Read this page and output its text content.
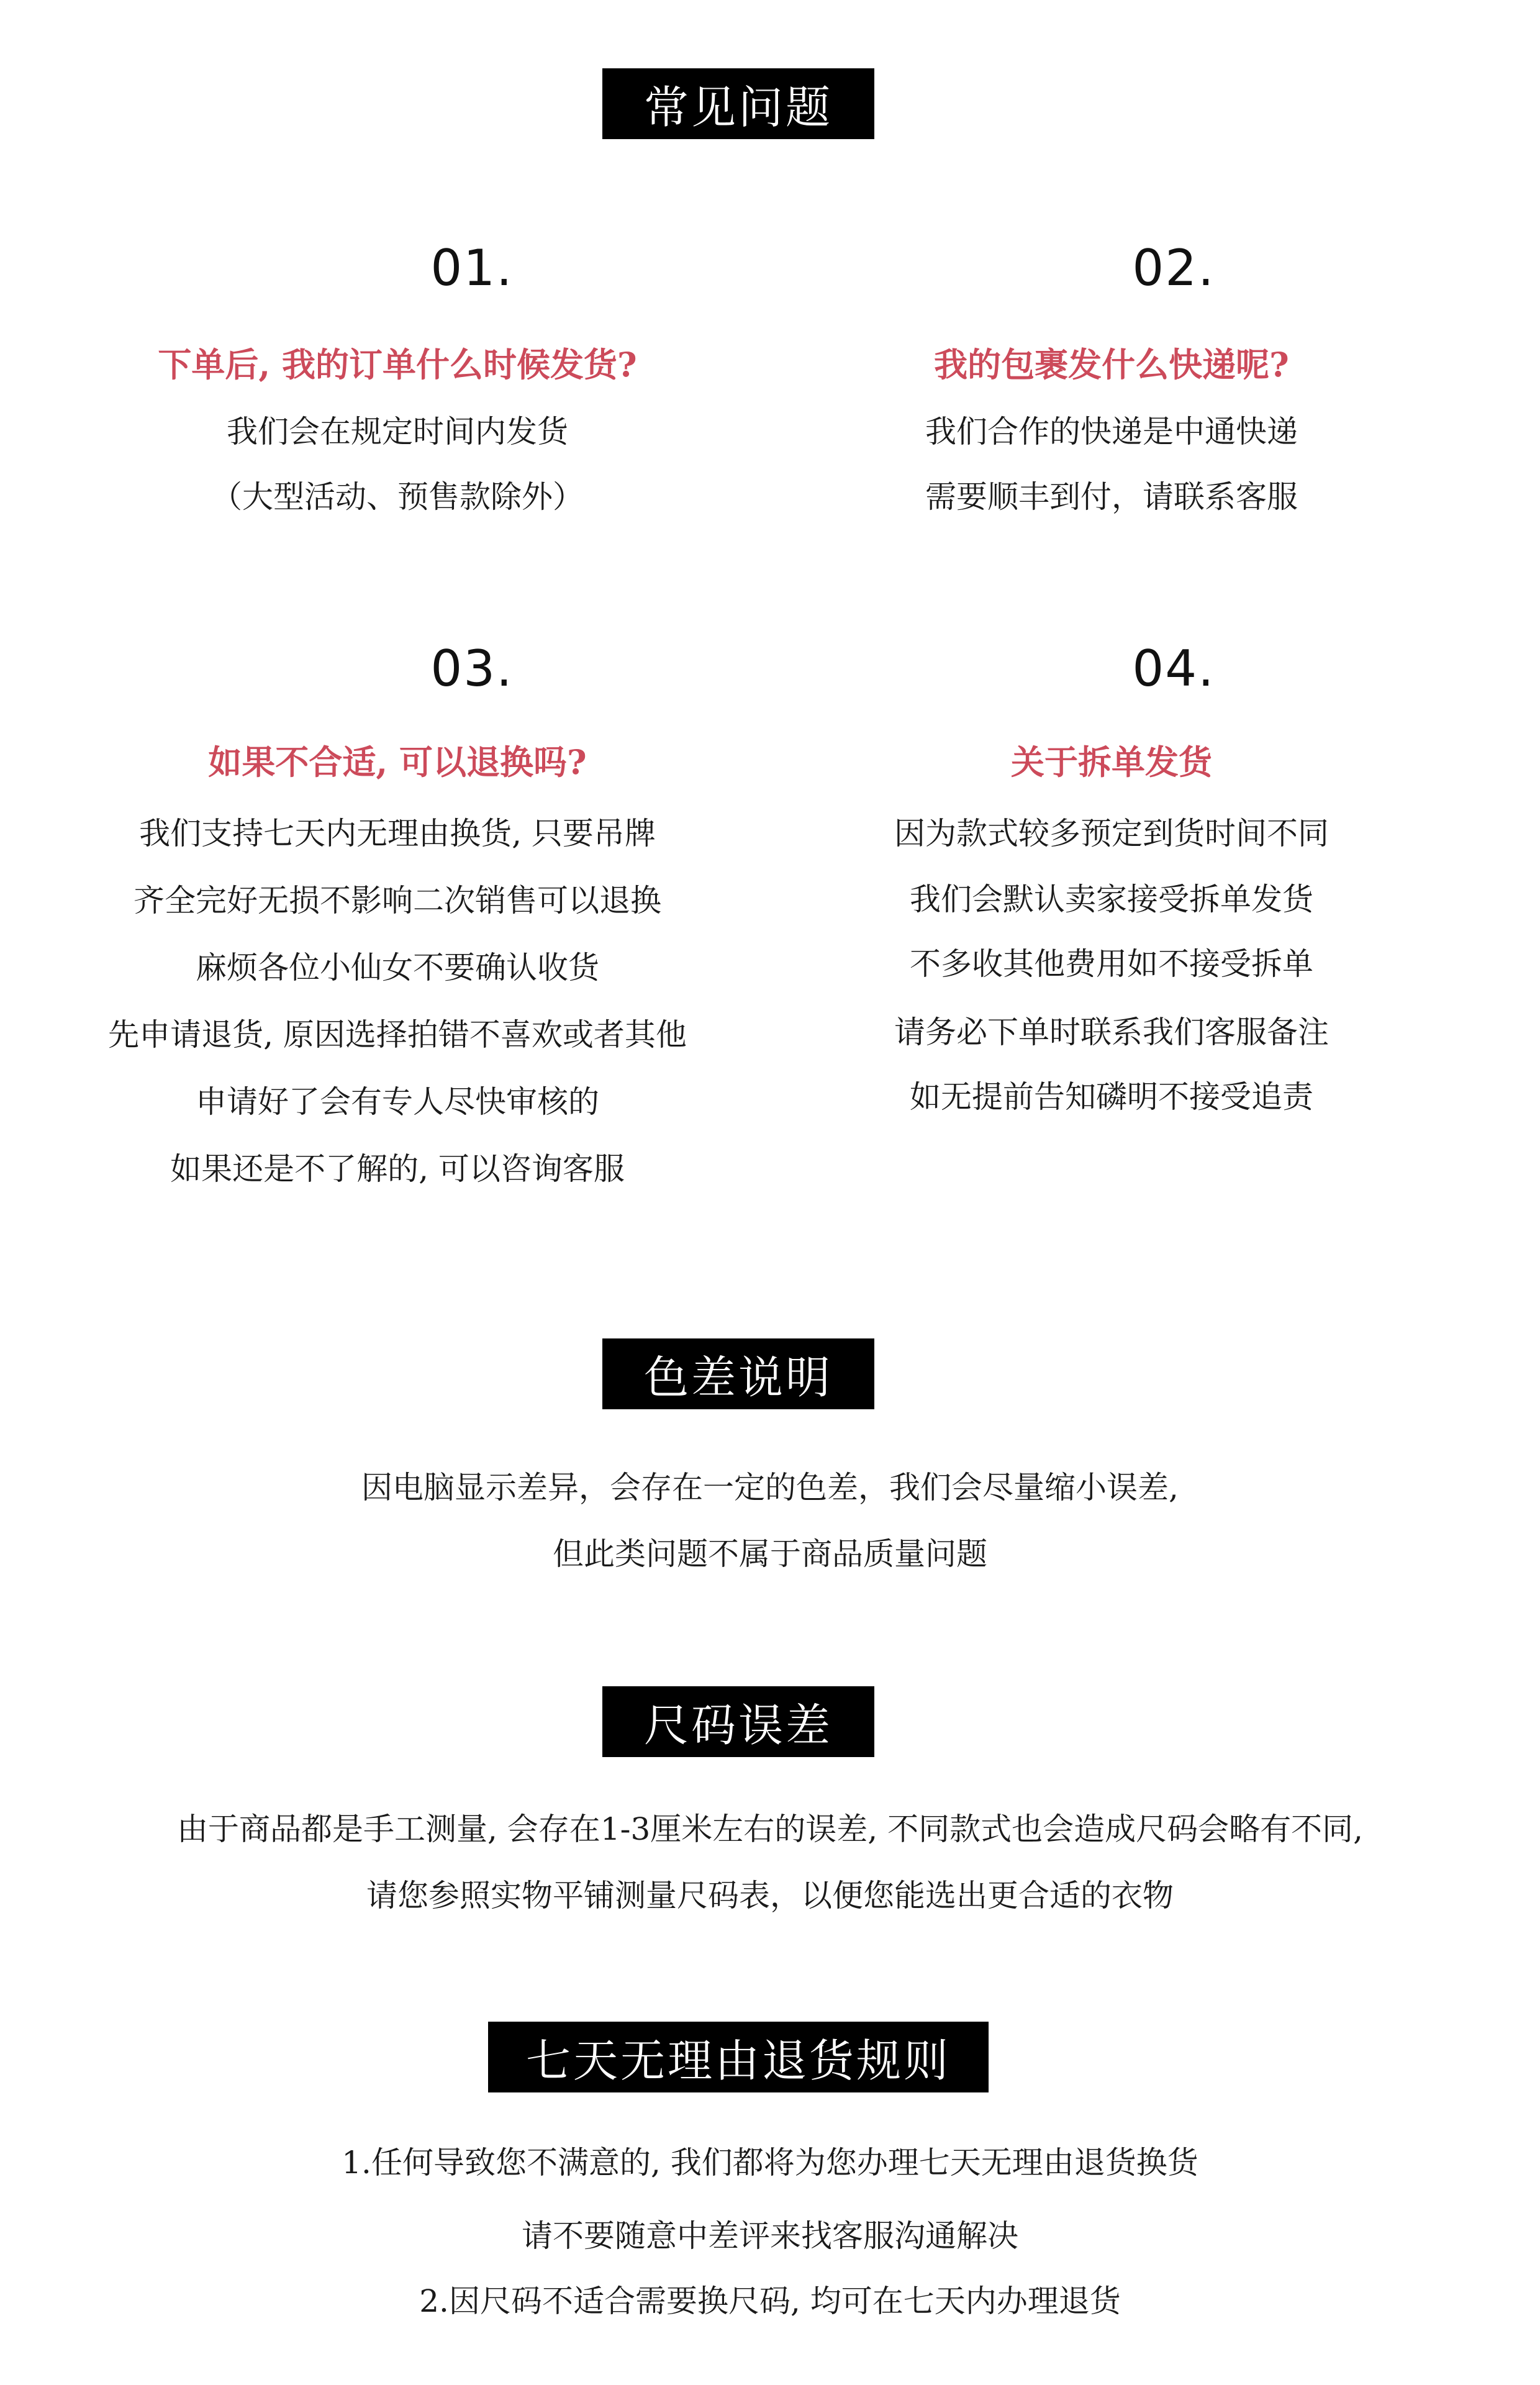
常见问题
01.
下单后, 我的订单什么时候发货?
我们会在规定时间内发货
（大型活动、预售款除外）
02.
我的包裹发什么快递呢?
我们合作的快递是中通快递
需要顺丰到付，请联系客服
03.
如果不合适, 可以退换吗?
我们支持七天内无理由换货, 只要吊牌
齐全完好无损不影响二次销售可以退换
麻烦各位小仙女不要确认收货
先申请退货, 原因选择拍错不喜欢或者其他
申请好了会有专人尽快审核的
如果还是不了解的, 可以咨询客服
04.
关于拆单发货
因为款式较多预定到货时间不同
我们会默认卖家接受拆单发货
不多收其他费用如不接受拆单
请务必下单时联系我们客服备注
如无提前告知磷明不接受追责
色差说明
因电脑显示差异，会存在一定的色差，我们会尽量缩小误差,
但此类问题不属于商品质量问题
尺码误差
由于商品都是手工测量, 会存在1-3厘米左右的误差, 不同款式也会造成尺码会略有不同,
请您参照实物平铺测量尺码表，以便您能选出更合适的衣物
七天无理由退货规则
1.任何导致您不满意的, 我们都将为您办理七天无理由退货换货
请不要随意中差评来找客服沟通解决
2.因尺码不适合需要换尺码, 均可在七天内办理退货
